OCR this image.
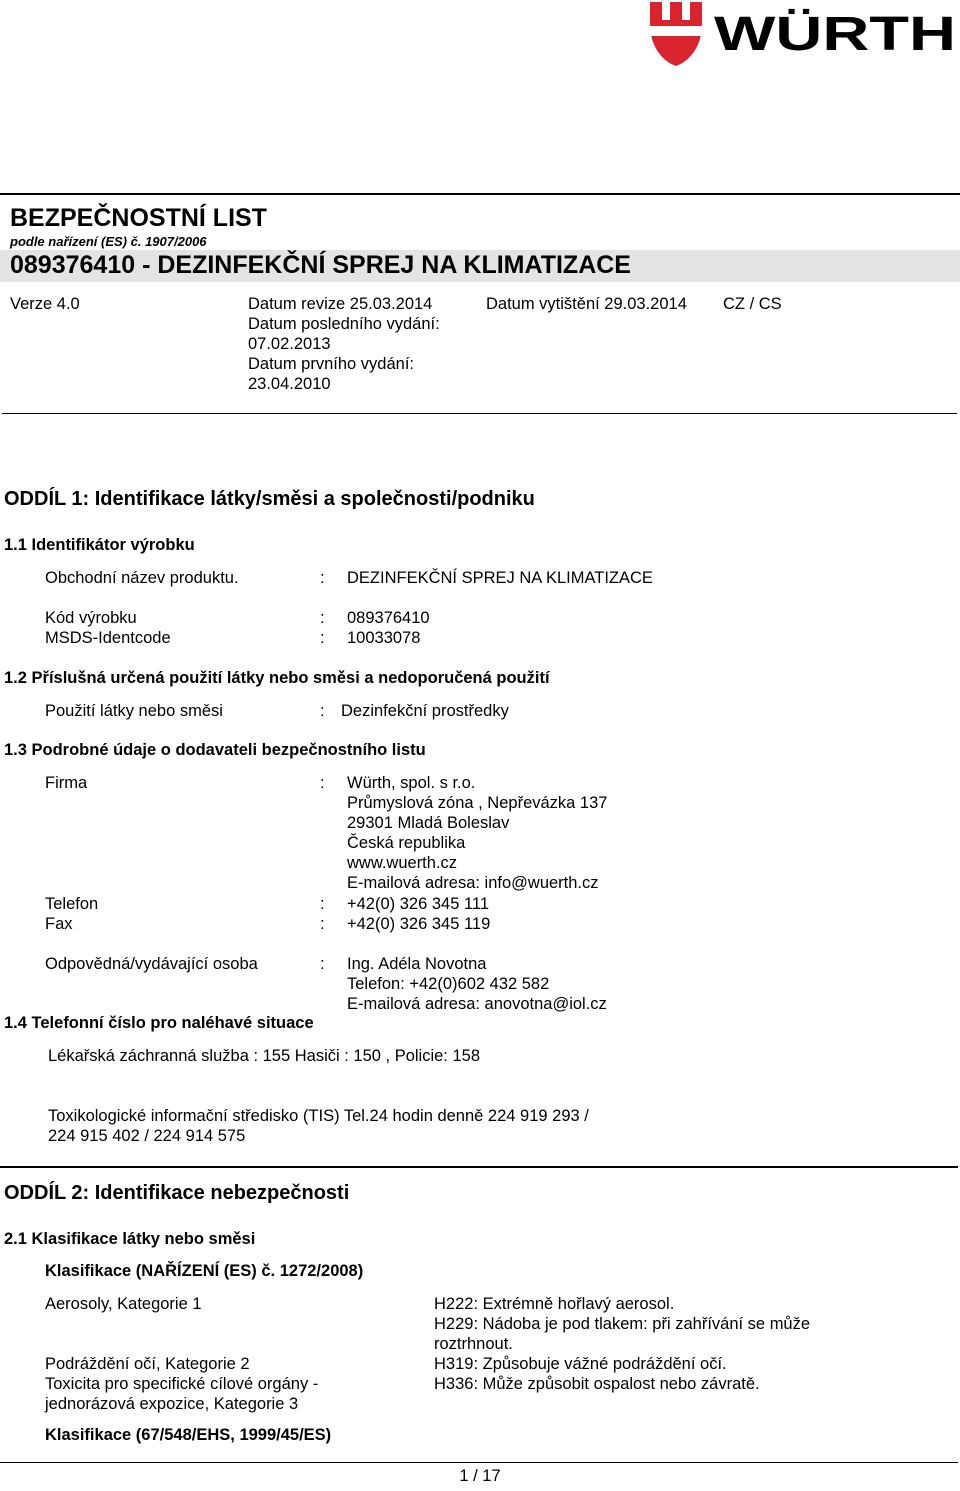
WÜRTH
BEZPEČNOSTNÍ LIST
podle nařízení (ES) č. 1907/2006
089376410 - DEZINFEKČNÍ SPREJ NA KLIMATIZACE
Verze 4.0	Datum revize 25.03.2014
Datum posledního vydání:
07.02.2013
Datum prvního vydání:
23.04.2010
Datum vytištění 29.03.2014 CZ / CS
ODDÍL 1: Identifikace látky/směsi a společnosti/podniku
1.1 Identifikátor výrobku
Obchodní název produktu.	: DEZINFEKČNÍ SPREJ NA KLIMATIZACE
Kód výrobku	: 089376410
MSDS-Identcode	: 10033078
1.2 Příslušná určená použití látky nebo směsi a nedoporučená použití
Použití látky nebo směsi	: Dezinfekční prostředky
1.3 Podrobné údaje o dodavateli bezpečnostního listu
Firma	: Würth, spol. s r.o.
Průmyslová zóna , Nepřevázka 137
29301 Mladá Boleslav
Česká republika
www.wuerth.cz
E-mailová adresa: info@wuerth.cz
Telefon	: +42(0) 326 345 111
Fax	: +42(0) 326 345 119
Odpovědná/vydávající osoba	: Ing. Adéla Novotna
Telefon: +42(0)602 432 582
E-mailová adresa: anovotna@iol.cz
1.4 Telefonní číslo pro naléhavé situace
Lékařská záchranná služba : 155 Hasiči : 150 , Policie: 158
Toxikologické informační středisko (TIS) Tel.24 hodin denně 224 919 293 /
224 915 402 / 224 914 575
ODDÍL 2: Identifikace nebezpečnosti
2.1 Klasifikace látky nebo směsi
Klasifikace (NAŘÍZENÍ (ES) č. 1272/2008)
Aerosoly, Kategorie 1	H222: Extrémně hořlavý aerosol.
H229: Nádoba je pod tlakem: při zahřívání se může
roztrhnout.
Podráždění očí, Kategorie 2	H319: Způsobuje vážné podráždění očí.
Toxicita pro specifické cílové orgány -	H336: Může způsobit ospalost nebo závratě.
jednorázová expozice, Kategorie 3
Klasifikace (67/548/EHS, 1999/45/ES)
1 / 17
